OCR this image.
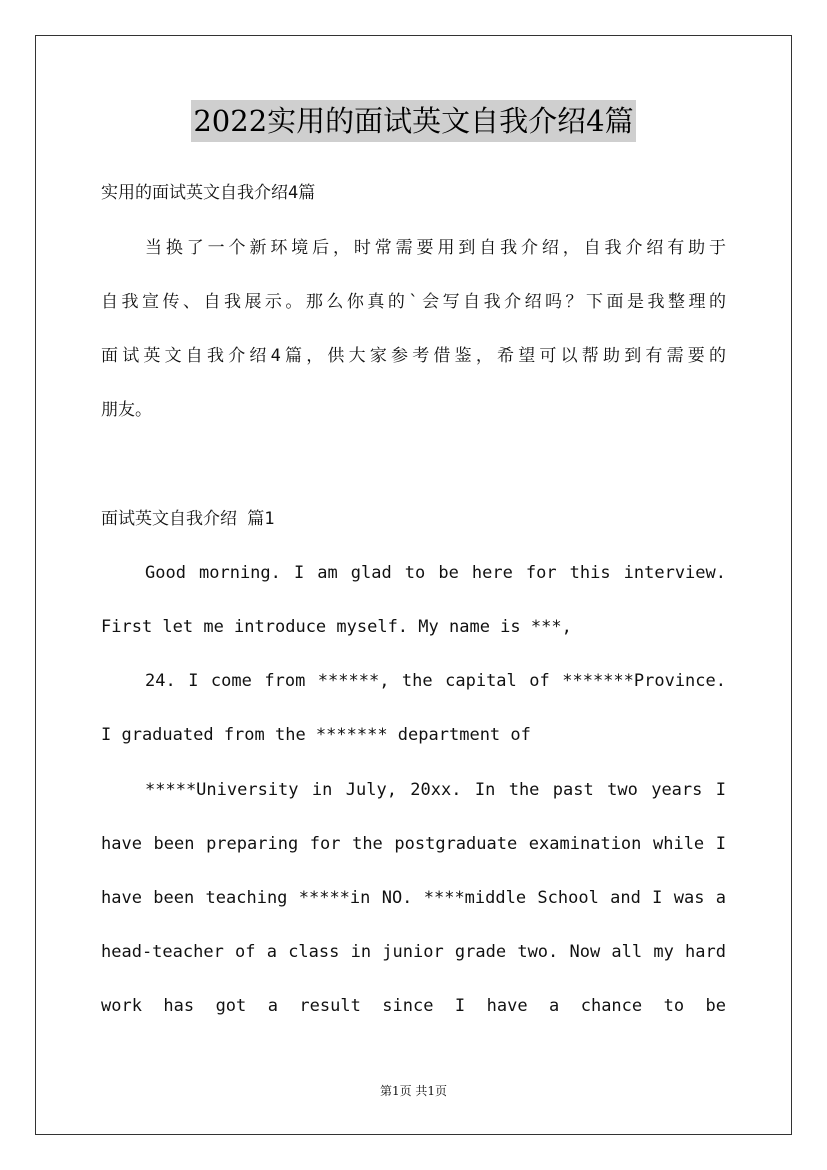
2022实用的面试英文自我介绍4篇
实用的面试英文自我介绍4篇
当换了一个新环境后，时常需要用到自我介绍，自我介绍有助于
自我宣传、自我展示。那么你真的`会写自我介绍吗？下面是我整理的
面试英文自我介绍4篇，供大家参考借鉴，希望可以帮助到有需要的
朋友。
面试英文自我介绍 篇1
Good morning. I am glad to be here for this interview.
First let me introduce myself. My name is ***,
24. I come from ******, the capital of *******Province.
I graduated from the ******* department of
*****University in July, 20xx. In the past two years I
have been preparing for the postgraduate examination while I
have been teaching *****in NO. ****middle School and I was a
head-teacher of a class in junior grade two. Now all my hard
work has got a result since I have a chance to be
第1页 共1页
